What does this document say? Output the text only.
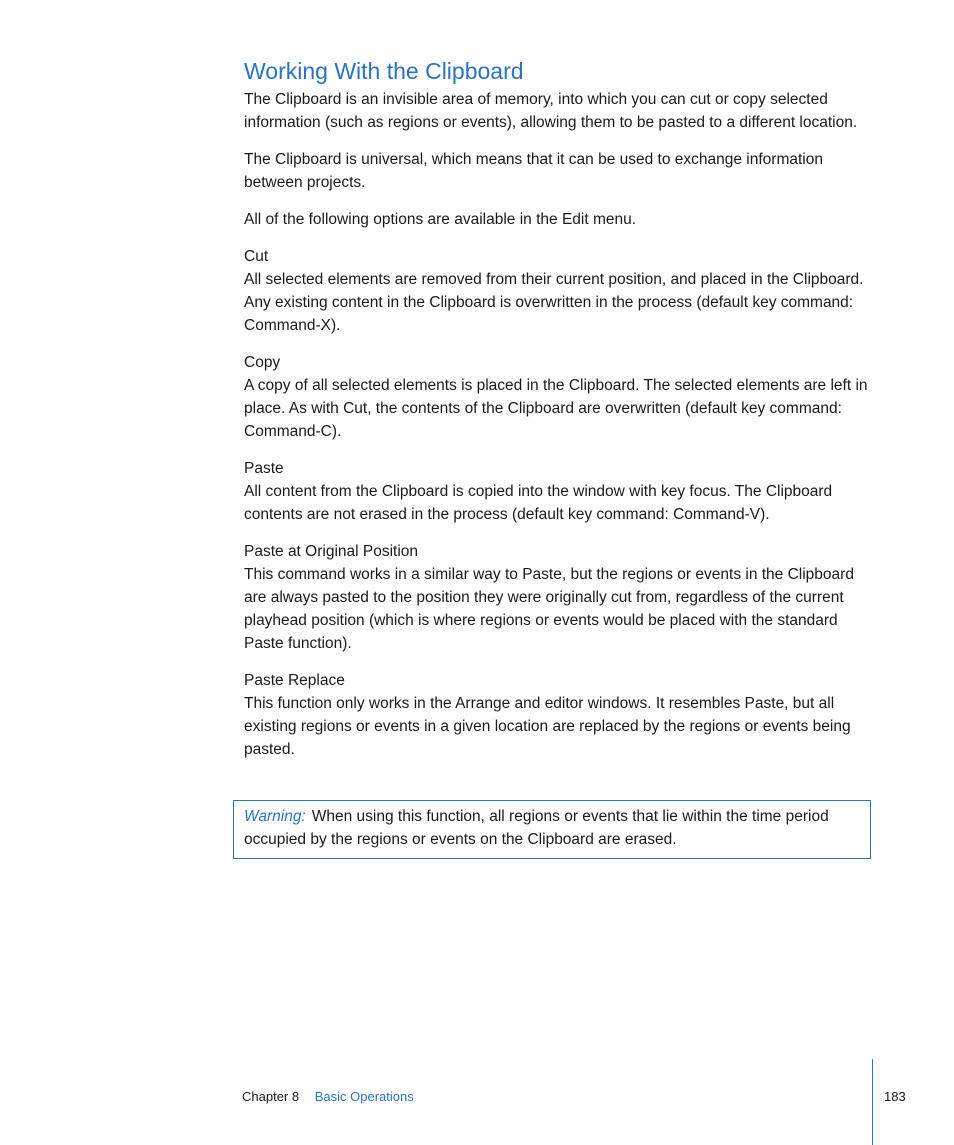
Working With the Clipboard

The Clipboard is an invisible area of memory, into which you can cut or copy selected information (such as regions or events), allowing them to be pasted to a different location.

The Clipboard is universal, which means that it can be used to exchange information between projects.

All of the following options are available in the Edit menu.

Cut

All selected elements are removed from their current position, and placed in the Clipboard. Any existing content in the Clipboard is overwritten in the process (default key command: Command-X).

Copy

A copy of all selected elements is placed in the Clipboard. The selected elements are left in place. As with Cut, the contents of the Clipboard are overwritten (default key command: Command-C).

Paste

All content from the Clipboard is copied into the window with key focus. The Clipboard contents are not erased in the process (default key command: Command-V).

Paste at Original Position

This command works in a similar way to Paste, but the regions or events in the Clipboard are always pasted to the position they were originally cut from, regardless of the current playhead position (which is where regions or events would be placed with the standard Paste function).

Paste Replace

This function only works in the Arrange and editor windows. It resembles Paste, but all existing regions or events in a given location are replaced by the regions or events being pasted.

Warning: When using this function, all regions or events that lie within the time period occupied by the regions or events on the Clipboard are erased.
Chapter 8 Basic Operations	183
